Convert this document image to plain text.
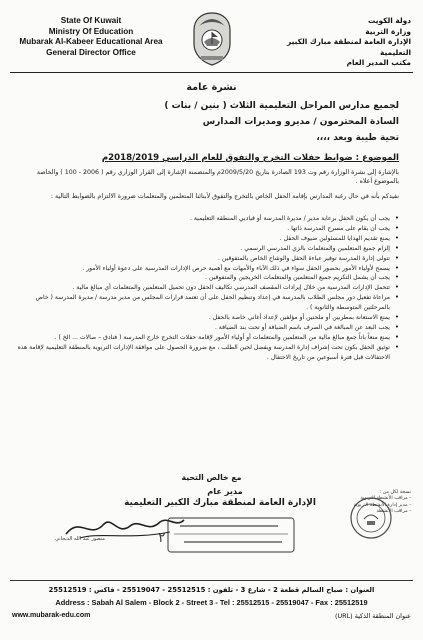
State Of Kuwait
Ministry Of Education
Mubarak Al-Kabeer Educational Area
General Director Office
دولة الكويت
وزارة التربية
الإدارة العامة لمنطقة مبارك الكبير التعليمية
مكتب المدير العام
نشرة عامة
لجميع مدارس المراحل التعليمية الثلاث ( بنين / بنات )
السادة المحترمون / مديرو ومديرات المدارس
تحية طيبة وبعد ،،،،
الموضوع : ضوابط حفلات التخرج والتفوق للعام الدراسي 2018/2019م
بالإشارة إلى نشرة الوزارة رقم وت 193 الصادرة بتاريخ 2009/5/20م والمتضمنة الإشارة إلى القرار الوزاري رقم ( 2006 - 100 ) والخاصة بالموضوع أعلاه .
نفيدكم بأنه في حال رغبة المدارس بإقامة الحفل الخاص بالتخرج والتفوق لأبنائنا المتعلمين والمتعلمات ضرورة الالتزام بالضوابط التالية :
• يجب أن يكون الحفل برعاية مدير / مديرة المدرسة أو قياديي المنطقة التعليمية .
• يجب أن يقام على مسرح المدرسة ذاتها .
• يمنع تقديم الهدايا للمسئولين ضيوف الحفل .
• إلزام جميع المتعلمين والمتعلمات بالزي المدرسي الرسمي .
• تتولى إدارة المدرسة توفير عباءة الحفل والوشاح الخاص بالمتفوقين .
• يسمح لأولياء الأمور بحضور الحفل سواء في ذلك الآباء والأمهات مع أهمية حرص الإدارات المدرسية على دعوة أولياء الأمور .
• يجب أن يشمل التكريم جميع المتعلمين والمتعلمات الخريجين والمتفوقين .
• تتحمل الإدارات المدرسية من خلال إيرادات المقصف المدرسي تكاليف الحفل دون تحميل المتعلمين والمتعلمات أي مبالغ مالية .
• مراعاة تفعيل دور مجلس الطلاب بالمدرسة في إعداد وتنظيم الحفل على أن تعتمد قرارات المجلس من مدير مدرسة / مديرة المدرسة ( خاص بالمرحلتين المتوسطة والثانوية ) .
• يمنع الاستعانة بمطربين أو ملحنين أو مؤلفين لإعداد أغاني خاصة بالحفل .
• يجب البعد عن المبالغة في الصرف باسم الضيافة أو تحت بند الضيافة .
• يمنع منعاً باتاً جمع مبالغ مالية من المتعلمين والمتعلمات أو أولياء الأمور لإقامة حفلات التخرج خارج المدرسة ( فنادق – صالات ... الخ ) .
• توثيق الحفل بكون تحت إشراف إدارة المدرسة ويفضل لحين الطلب ، مع ضرورة الحصول على موافقة الإدارات التربوية بالمنطقة التعليمية لإقامة هذه الاحتفالات قبل فترة أسبوعين من تاريخ الاحتفال .
مع خالص التحية
مدير عام
الإدارة العامة لمنطقة مبارك الكبير التعليمية
نسخة لكل من :
- مراقب الأنشطة التربوية
- مدير إدارة الأنشطة التربوية
- مراقب الأنشطة
٢
منصور عبد الله الديحاني
العنوان : صباح السالم قطعة 2 - شارع 3 - تلفون : 25512515 - 25519047 - فاكس : 25512519
Address : Sabah Al Salem - Block 2 - Street 3 - Tel : 25512515 - 25519047 - Fax : 25512519
www.mubarak-edu.com	عنوان المنطقة الذكية (URL)
